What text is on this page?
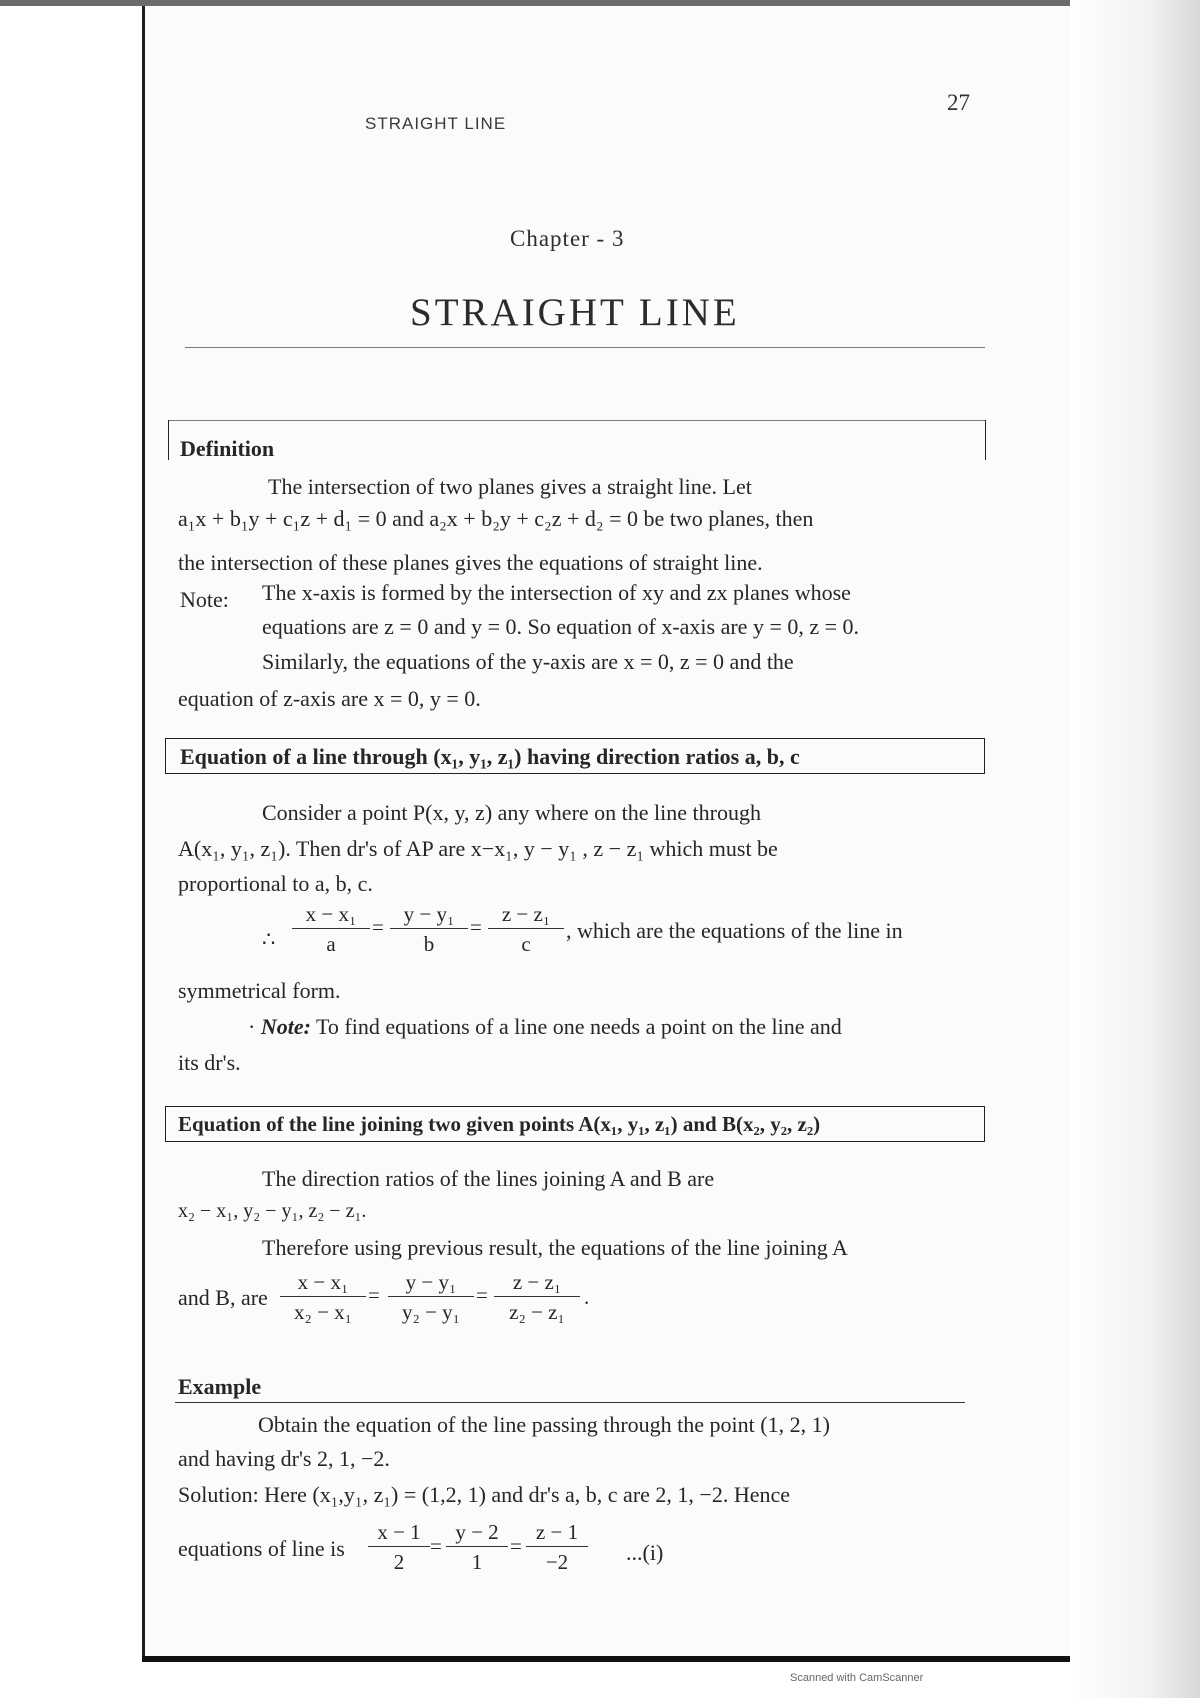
STRAIGHT LINE
27
Chapter - 3
STRAIGHT LINE
Definition
The intersection of two planes gives a straight line. Let
a₁x + b₁y + c₁z + d₁ = 0 and a₂x + b₂y + c₂z + d₂ = 0 be two planes, then
the intersection of these planes gives the equations of straight line.
Note: The x-axis is formed by the intersection of xy and zx planes whose
equations are z = 0 and y = 0. So equation of x-axis are y = 0, z = 0.
Similarly, the equations of the y-axis are x = 0, z = 0 and the
equation of z-axis are x = 0, y = 0.
Equation of a line through (x₁, y₁, z₁) having direction ratios a, b, c
Consider a point P(x, y, z) any where on the line through
A(x₁, y₁, z₁). Then dr's of AP are x−x₁, y − y₁ , z − z₁ which must be
proportional to a, b, c.
∴ $\frac{\text{x − x₁}}{a} = \frac{\text{y − y₁}}{b} = \frac{\text{z − z₁}}{c}$ , which are the equations of the line in
symmetrical form.
· Note: To find equations of a line one needs a point on the line and
its dr's.
Equation of the line joining two given points A(x₁, y₁, z₁) and B(x₂, y₂, z₂)
The direction ratios of the lines joining A and B are
x₂ − x₁, y₂ − y₁, z₂ − z₁.
Therefore using previous result, the equations of the line joining A
and B, are $\frac{\text{x − x₁}}{\text{x₂ − x₁}} = \frac{\text{y − y₁}}{\text{y₂ − y₁}} = \frac{\text{z − z₁}}{\text{z₂ − z₁}}$ .
Example
Obtain the equation of the line passing through the point (1, 2, 1)
and having dr's 2, 1, −2.
Solution: Here (x₁,y₁, z₁) = (1,2, 1) and dr's a, b, c are 2, 1, −2. Hence
equations of line is $\frac{x - 1}{2} = \frac{y - 2}{1} = \frac{z - 1}{-2} ...(i)$
Scanned with CamScanner
